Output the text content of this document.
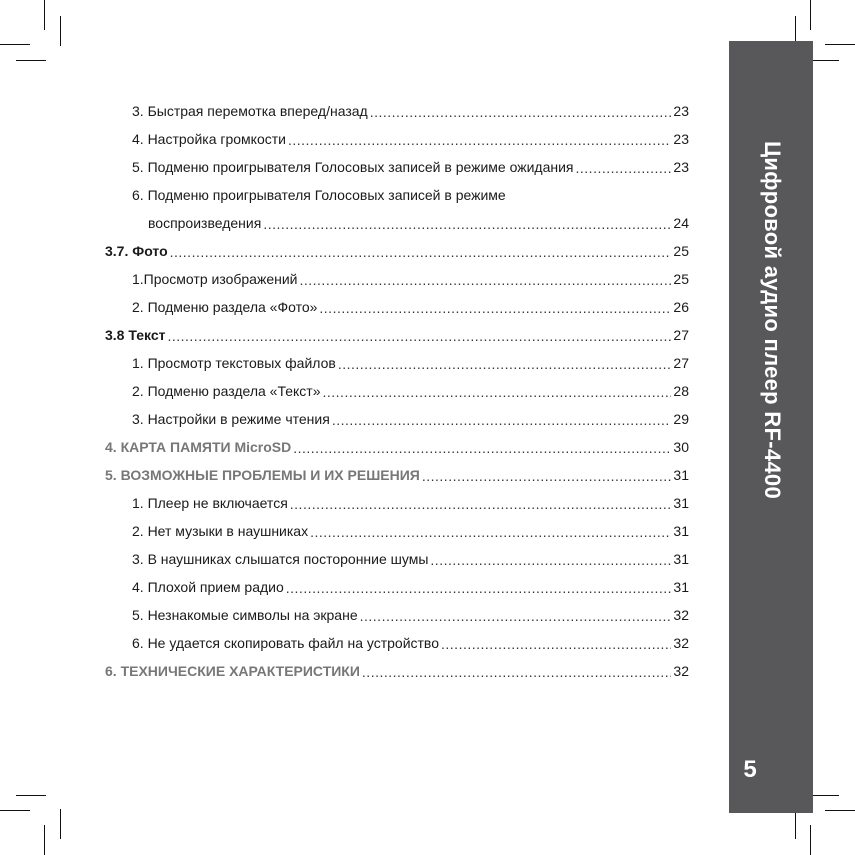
3. Быстрая перемотка вперед/назад .....	23
4. Настройка громкости .....	23
5. Подменю проигрывателя Голосовых записей в режиме ожидания .....	23
6. Подменю проигрывателя Голосовых записей в режиме
воспроизведения .....	24
3.7. Фото .....	25
1.Просмотр изображений .....	25
2. Подменю раздела «Фото» .....	26
3.8 Текст .....	27
1. Просмотр текстовых файлов .....	27
2. Подменю раздела «Текст» .....	28
3. Настройки в режиме чтения .....	29
4. КАРТА ПАМЯТИ MicroSD .....	30
5. ВОЗМОЖНЫЕ ПРОБЛЕМЫ И ИХ РЕШЕНИЯ .....	31
1. Плеер не включается .....	31
2. Нет музыки в наушниках .....	31
3. В наушниках слышатся посторонние шумы .....	31
4. Плохой прием радио .....	31
5. Незнакомые символы на экране .....	32
6. Не удается скопировать файл на устройство .....	32
6. ТЕХНИЧЕСКИЕ ХАРАКТЕРИСТИКИ .....	32
Цифровой аудио плеер RF-4400
5
